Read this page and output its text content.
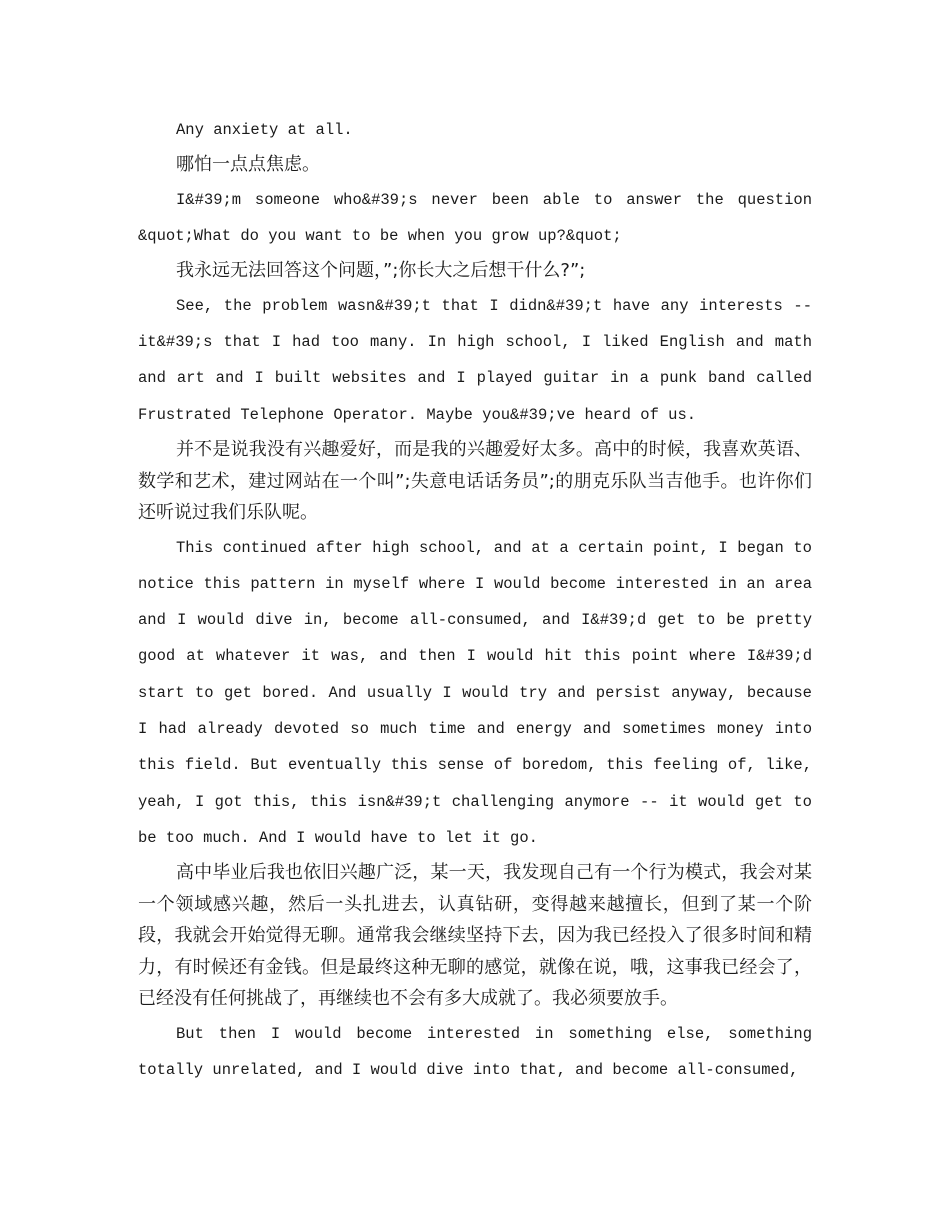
Any anxiety at all.

哪怕一点点焦虑。

I&#39;m someone who&#39;s never been able to answer the question &quot;What do you want to be when you grow up?&quot;

我永远无法回答这个问题，”;你长大之后想干什么?”;

See, the problem wasn&#39;t that I didn&#39;t have any interests -- it&#39;s that I had too many. In high school, I liked English and math and art and I built websites and I played guitar in a punk band called Frustrated Telephone Operator. Maybe you&#39;ve heard of us.

并不是说我没有兴趣爱好，而是我的兴趣爱好太多。高中的时候，我喜欢英语、数学和艺术，建过网站在一个叫”;失意电话话务员”;的朋克乐队当吉他手。也许你们还听说过我们乐队呢。

This continued after high school, and at a certain point, I began to notice this pattern in myself where I would become interested in an area and I would dive in, become all-consumed, and I&#39;d get to be pretty good at whatever it was, and then I would hit this point where I&#39;d start to get bored. And usually I would try and persist anyway, because I had already devoted so much time and energy and sometimes money into this field. But eventually this sense of boredom, this feeling of, like, yeah, I got this, this isn&#39;t challenging anymore -- it would get to be too much. And I would have to let it go.

高中毕业后我也依旧兴趣广泛，某一天，我发现自己有一个行为模式，我会对某一个领域感兴趣，然后一头扎进去，认真钻研，变得越来越擅长，但到了某一个阶段，我就会开始觉得无聊。通常我会继续坚持下去，因为我已经投入了很多时间和精力，有时候还有金钱。但是最终这种无聊的感觉，就像在说，哦，这事我已经会了，已经没有任何挑战了，再继续也不会有多大成就了。我必须要放手。

But then I would become interested in something else, something totally unrelated, and I would dive into that, and become all-consumed,
